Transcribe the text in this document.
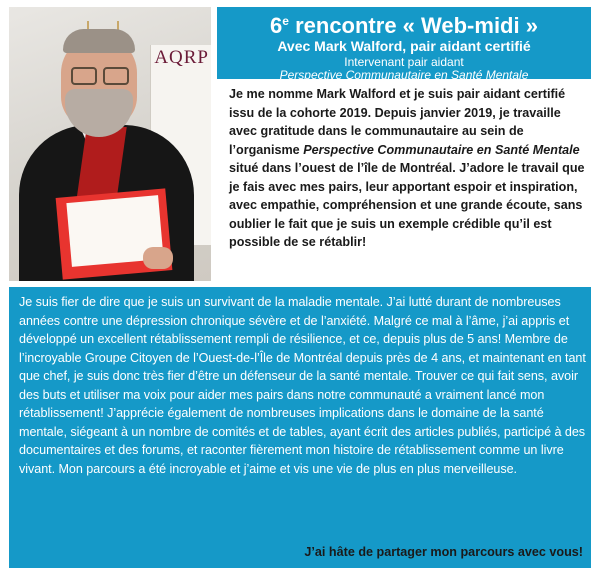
AQRP
6e rencontre « Web-midi »
Avec Mark Walford, pair aidant certifié
Intervenant pair aidant
Perspective Communautaire en Santé Mentale
Je me nomme Mark Walford et je suis pair aidant certifié issu de la cohorte 2019. Depuis janvier 2019, je travaille avec gratitude dans le communautaire au sein de l’organisme Perspective Communautaire en Santé Mentale situé dans l’ouest de l’île de Montréal. J’adore le travail que je fais avec mes pairs, leur apportant espoir et inspiration, avec empathie, compréhension et une grande écoute, sans oublier le fait que je suis un exemple crédible qu’il est possible de se rétablir!

Je suis fier de dire que je suis un survivant de la maladie mentale. J’ai lutté durant de nombreuses années contre une dépression chronique sévère et de l’anxiété. Malgré ce mal à l’âme, j’ai appris et développé un excellent rétablissement rempli de résilience, et ce, depuis plus de 5 ans! Membre de l’incroyable Groupe Citoyen de l’Ouest-de-l’Île de Montréal depuis près de 4 ans, et maintenant en tant que chef, je suis donc très fier d’être un défenseur de la santé mentale. Trouver ce qui fait sens, avoir des buts et utiliser ma voix pour aider mes pairs dans notre communauté a vraiment lancé mon rétablissement! J’apprécie également de nombreuses implications dans le domaine de la santé mentale, siégeant à un nombre de comités et de tables, ayant écrit des articles publiés, participé à des documentaires et des forums, et raconter fièrement mon histoire de rétablissement comme un livre vivant. Mon parcours a été incroyable et j’aime et vis une vie de plus en plus merveilleuse.

J’ai hâte de partager mon parcours avec vous!
